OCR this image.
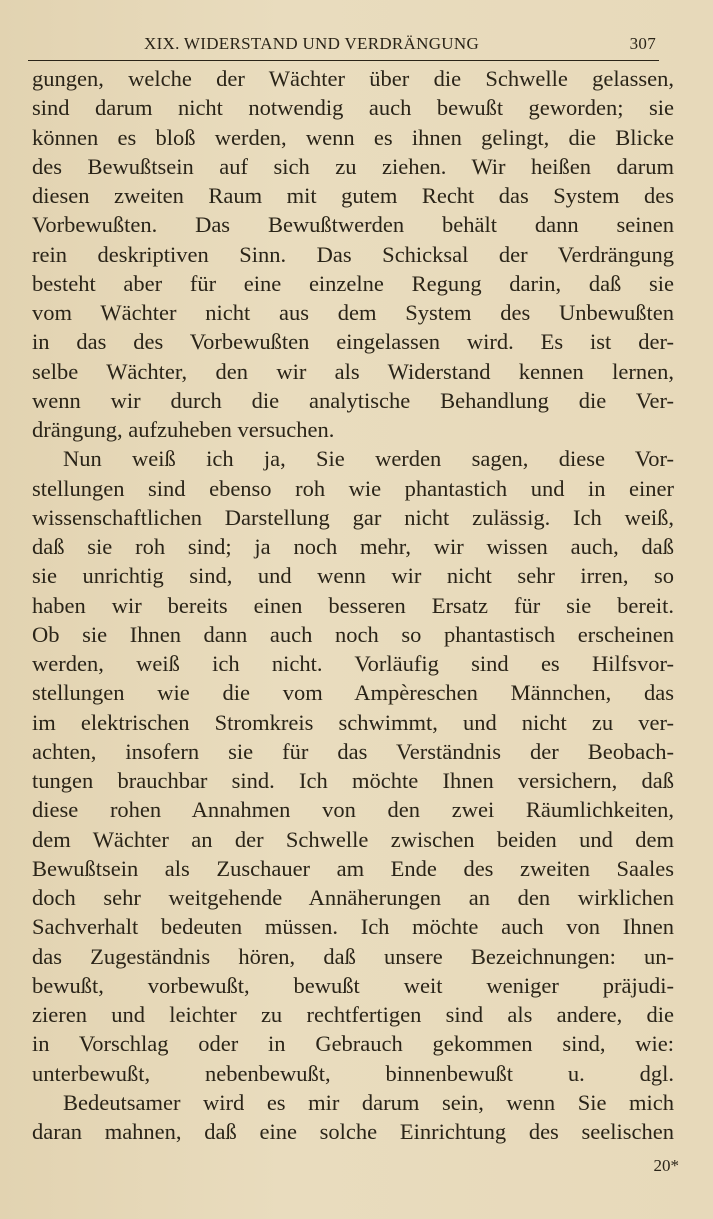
XIX. WIDERSTAND UND VERDRÄNGUNG	307
gungen, welche der Wächter über die Schwelle gelassen,
sind darum nicht notwendig auch bewußt geworden; sie
können es bloß werden, wenn es ihnen gelingt, die Blicke
des Bewußtsein auf sich zu ziehen. Wir heißen darum
diesen zweiten Raum mit gutem Recht das System des
Vorbewußten. Das Bewußtwerden behält dann seinen
rein deskriptiven Sinn. Das Schicksal der Verdrängung
besteht aber für eine einzelne Regung darin, daß sie
vom Wächter nicht aus dem System des Unbewußten
in das des Vorbewußten eingelassen wird. Es ist der-
selbe Wächter, den wir als Widerstand kennen lernen,
wenn wir durch die analytische Behandlung die Ver-
drängung, aufzuheben versuchen.
Nun weiß ich ja, Sie werden sagen, diese Vor-
stellungen sind ebenso roh wie phantastich und in einer
wissenschaftlichen Darstellung gar nicht zulässig. Ich weiß,
daß sie roh sind; ja noch mehr, wir wissen auch, daß
sie unrichtig sind, und wenn wir nicht sehr irren, so
haben wir bereits einen besseren Ersatz für sie bereit.
Ob sie Ihnen dann auch noch so phantastisch erscheinen
werden, weiß ich nicht. Vorläufig sind es Hilfsvor-
stellungen wie die vom Ampèreschen Männchen, das
im elektrischen Stromkreis schwimmt, und nicht zu ver-
achten, insofern sie für das Verständnis der Beobach-
tungen brauchbar sind. Ich möchte Ihnen versichern, daß
diese rohen Annahmen von den zwei Räumlichkeiten,
dem Wächter an der Schwelle zwischen beiden und dem
Bewußtsein als Zuschauer am Ende des zweiten Saales
doch sehr weitgehende Annäherungen an den wirklichen
Sachverhalt bedeuten müssen. Ich möchte auch von Ihnen
das Zugeständnis hören, daß unsere Bezeichnungen: un-
bewußt, vorbewußt, bewußt weit weniger präjudi-
zieren und leichter zu rechtfertigen sind als andere, die
in Vorschlag oder in Gebrauch gekommen sind, wie:
unterbewußt, nebenbewußt, binnenbewußt u. dgl.
Bedeutsamer wird es mir darum sein, wenn Sie mich
daran mahnen, daß eine solche Einrichtung des seelischen
20*
